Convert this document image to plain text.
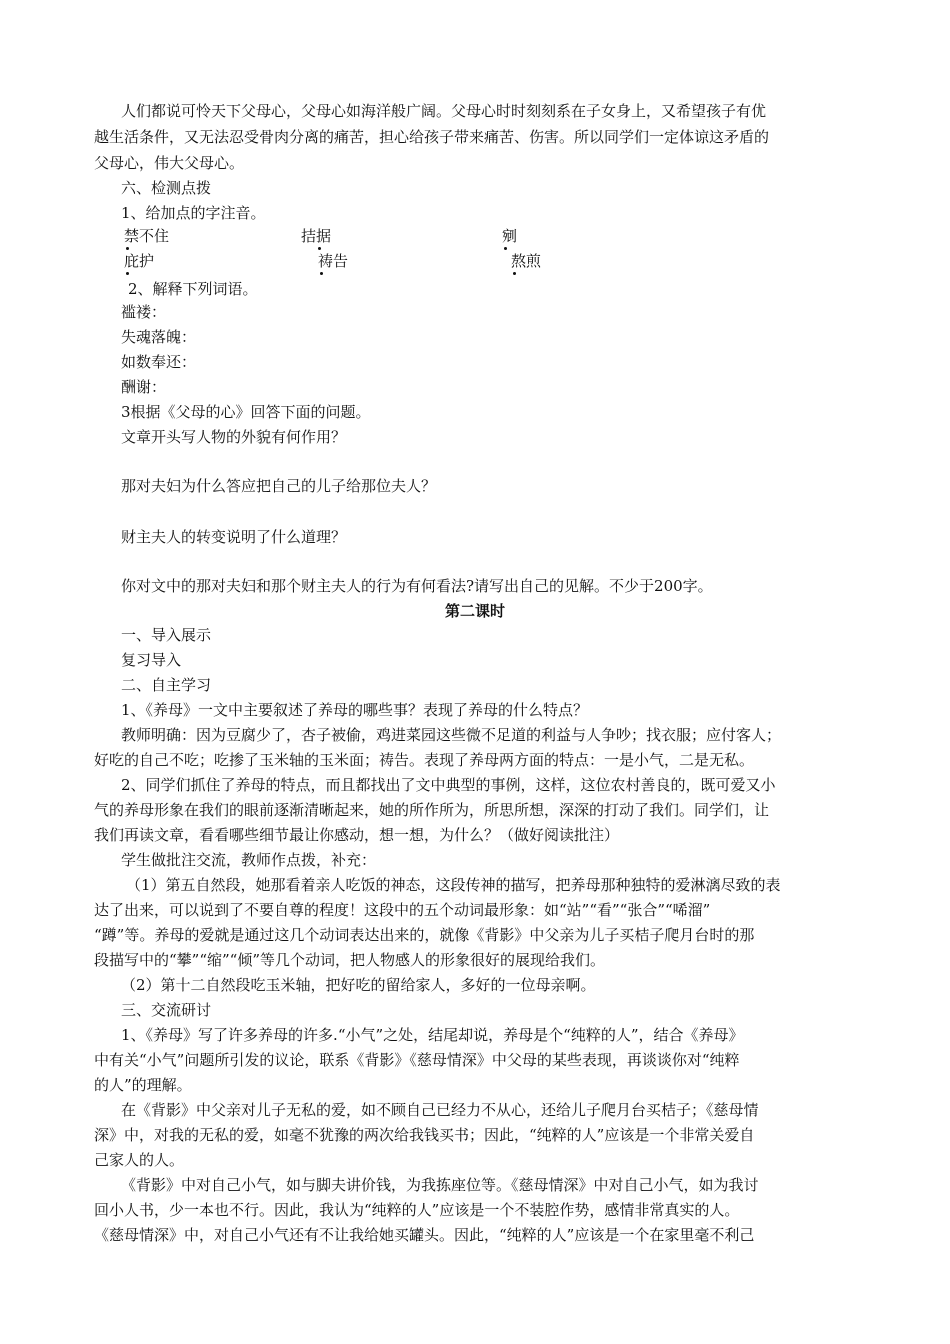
人们都说可怜天下父母心，父母心如海洋般广阔。父母心时时刻刻系在子女身上，又希望孩子有优
越生活条件，又无法忍受骨肉分离的痛苦，担心给孩子带来痛苦、伤害。所以同学们一定体谅这矛盾的
父母心，伟大父母心。
六、检测点拨
1、给加点的字注音。
禁不住	拮据	剜
庇护	祷告	熬煎
2、解释下列词语。
褴褛：
失魂落魄：
如数奉还：
酬谢：
3根据《父母的心》回答下面的问题。
文章开头写人物的外貌有何作用？
那对夫妇为什么答应把自己的儿子给那位夫人？
财主夫人的转变说明了什么道理？
你对文中的那对夫妇和那个财主夫人的行为有何看法?请写出自己的见解。不少于200字。
第二课时
一、导入展示
复习导入
二、自主学习
1、《养母》一文中主要叙述了养母的哪些事？表现了养母的什么特点？
教师明确：因为豆腐少了，杏子被偷，鸡进菜园这些微不足道的利益与人争吵；找衣服；应付客人；
好吃的自己不吃；吃掺了玉米轴的玉米面；祷告。表现了养母两方面的特点：一是小气，二是无私。
2、同学们抓住了养母的特点，而且都找出了文中典型的事例，这样，这位农村善良的，既可爱又小
气的养母形象在我们的眼前逐渐清晰起来，她的所作所为，所思所想，深深的打动了我们。同学们，让
我们再读文章，看看哪些细节最让你感动，想一想，为什么？（做好阅读批注）
学生做批注交流，教师作点拨，补充：
（1）第五自然段，她那看着亲人吃饭的神态，这段传神的描写，把养母那种独特的爱淋漓尽致的表
达了出来，可以说到了不要自尊的程度！这段中的五个动词最形象：如“站”“看”“张合”“唏溜”
“蹲”等。养母的爱就是通过这几个动词表达出来的，就像《背影》中父亲为儿子买桔子爬月台时的那
段描写中的“攀”“缩”“倾”等几个动词，把人物感人的形象很好的展现给我们。
（2）第十二自然段吃玉米轴，把好吃的留给家人，多好的一位母亲啊。
三、交流研讨
1、《养母》写了许多养母的许多.“小气”之处，结尾却说，养母是个“纯粹的人”，结合《养母》
中有关“小气”问题所引发的议论，联系《背影》《慈母情深》中父母的某些表现，再谈谈你对“纯粹
的人”的理解。
在《背影》中父亲对儿子无私的爱，如不顾自己已经力不从心，还给儿子爬月台买桔子；《慈母情
深》中，对我的无私的爱，如毫不犹豫的两次给我钱买书；因此，“纯粹的人”应该是一个非常关爱自
己家人的人。
《背影》中对自己小气，如与脚夫讲价钱，为我拣座位等。《慈母情深》中对自己小气，如为我讨
回小人书，少一本也不行。因此，我认为“纯粹的人”应该是一个不装腔作势，感情非常真实的人。
《慈母情深》中，对自己小气还有不让我给她买罐头。因此，“纯粹的人”应该是一个在家里毫不利己
